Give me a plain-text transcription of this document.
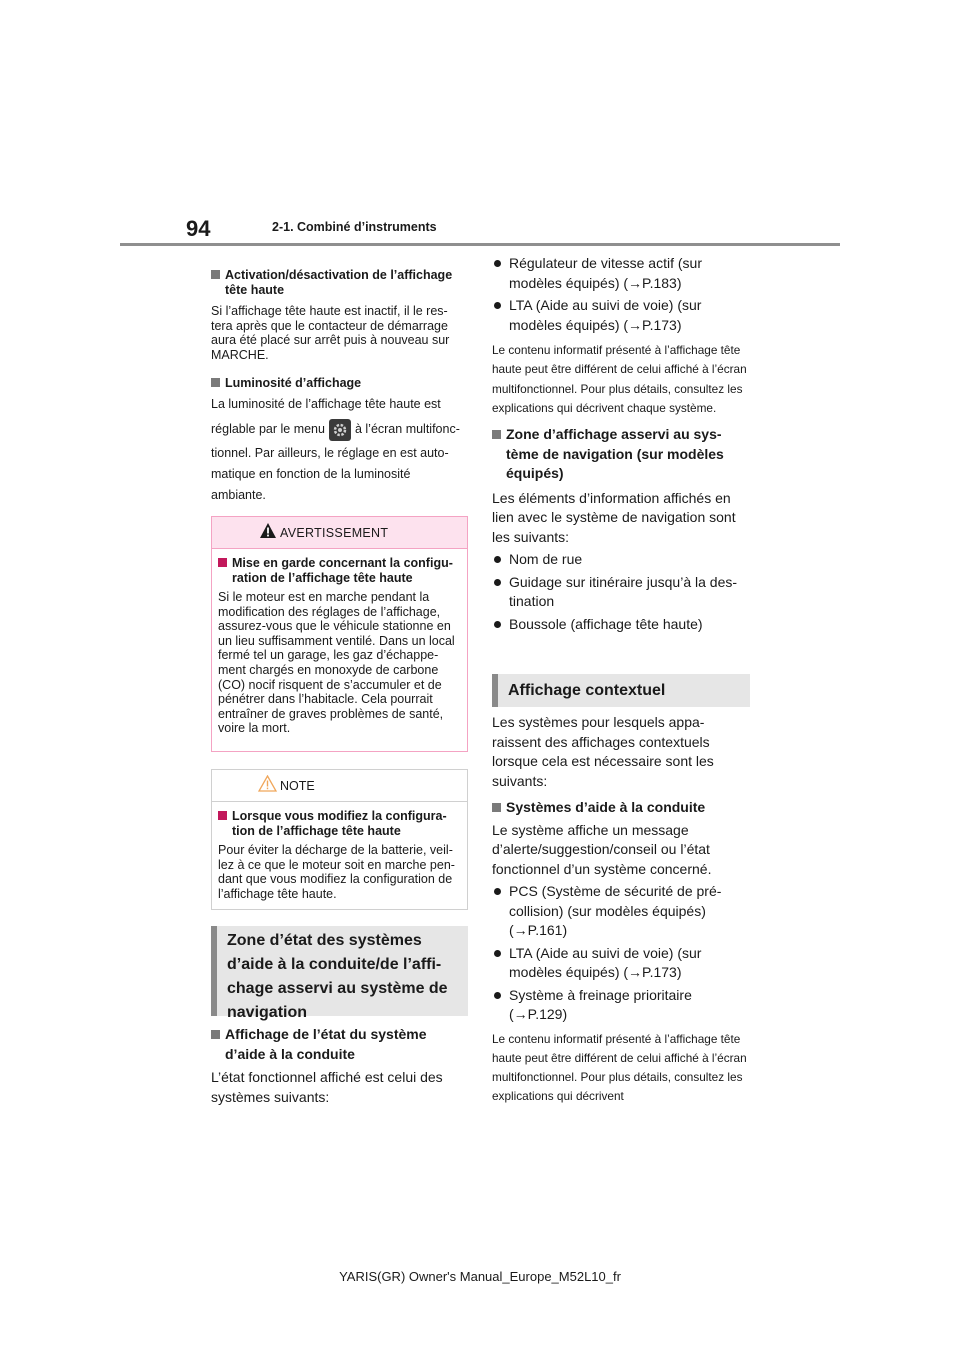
94	2-1. Combiné d’instruments
Activation/désactivation de l’affichage tête haute
Si l’affichage tête haute est inactif, il le res-tera après que le contacteur de démarrage aura été placé sur arrêt puis à nouveau sur MARCHE.
Luminosité d’affichage
La luminosité de l’affichage tête haute est
réglable par le menu à l’écran multifonc-
tionnel. Par ailleurs, le réglage en est auto-
matique en fonction de la luminosité
ambiante.
AVERTISSEMENT
Mise en garde concernant la configu-ration de l’affichage tête haute
Si le moteur est en marche pendant la modification des réglages de l’affichage, assurez-vous que le véhicule stationne en un lieu suffisamment ventilé. Dans un local fermé tel un garage, les gaz d’échappe-ment chargés en monoxyde de carbone (CO) nocif risquent de s’accumuler et de pénétrer dans l’habitacle. Cela pourrait entraîner de graves problèmes de santé, voire la mort.
NOTE
Lorsque vous modifiez la configura-tion de l’affichage tête haute
Pour éviter la décharge de la batterie, veil-lez à ce que le moteur soit en marche pen-dant que vous modifiez la configuration de l’affichage tête haute.
Zone d’état des systèmes d’aide à la conduite/de l’affi-chage asservi au système de navigation
Affichage de l’état du système d’aide à la conduite
L’état fonctionnel affiché est celui des systèmes suivants:
Régulateur de vitesse actif (sur modèles équipés) (→P.183)
LTA (Aide au suivi de voie) (sur modèles équipés) (→P.173)
Le contenu informatif présenté à l’affichage tête haute peut être différent de celui affiché à l’écran multifonctionnel. Pour plus détails, consultez les explications qui décrivent chaque système.
Zone d’affichage asservi au sys-tème de navigation (sur modèles équipés)
Les éléments d’information affichés en lien avec le système de navigation sont les suivants:
Nom de rue
Guidage sur itinéraire jusqu’à la des-tination
Boussole (affichage tête haute)
Affichage contextuel
Les systèmes pour lesquels appa-raissent des affichages contextuels lorsque cela est nécessaire sont les suivants:
Systèmes d’aide à la conduite
Le système affiche un message d’alerte/suggestion/conseil ou l’état fonctionnel d’un système concerné.
PCS (Système de sécurité de pré-collision) (sur modèles équipés) (→P.161)
LTA (Aide au suivi de voie) (sur modèles équipés) (→P.173)
Système à freinage prioritaire (→P.129)
Le contenu informatif présenté à l’affichage tête haute peut être différent de celui affiché à l’écran multifonctionnel. Pour plus détails, consultez les explications qui décrivent
YARIS(GR) Owner's Manual_Europe_M52L10_fr
